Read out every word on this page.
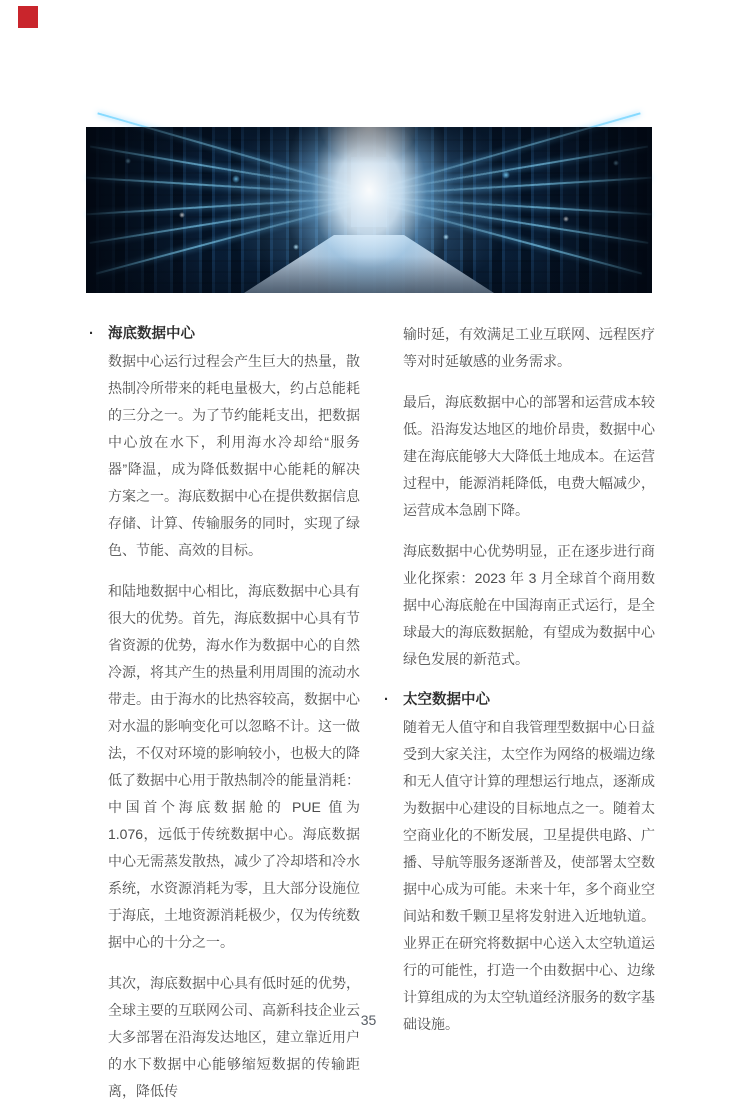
· 海底数据中心

数据中心运行过程会产生巨大的热量，散热制冷所带来的耗电量极大，约占总能耗的三分之一。为了节约能耗支出，把数据中心放在水下，利用海水冷却给“服务器”降温，成为降低数据中心能耗的解决方案之一。海底数据中心在提供数据信息存储、计算、传输服务的同时，实现了绿色、节能、高效的目标。

和陆地数据中心相比，海底数据中心具有很大的优势。首先，海底数据中心具有节省资源的优势，海水作为数据中心的自然冷源，将其产生的热量利用周围的流动水带走。由于海水的比热容较高，数据中心对水温的影响变化可以忽略不计。这一做法，不仅对环境的影响较小，也极大的降低了数据中心用于散热制冷的能量消耗：中国首个海底数据舱的 PUE 值为 1.076，远低于传统数据中心。海底数据中心无需蒸发散热，减少了冷却塔和冷水系统，水资源消耗为零，且大部分设施位于海底，土地资源消耗极少，仅为传统数据中心的十分之一。

其次，海底数据中心具有低时延的优势，全球主要的互联网公司、高新科技企业云大多部署在沿海发达地区，建立靠近用户的水下数据中心能够缩短数据的传输距离，降低传

输时延，有效满足工业互联网、远程医疗等对时延敏感的业务需求。

最后，海底数据中心的部署和运营成本较低。沿海发达地区的地价昂贵，数据中心建在海底能够大大降低土地成本。在运营过程中，能源消耗降低，电费大幅减少，运营成本急剧下降。

海底数据中心优势明显，正在逐步进行商业化探索：2023 年 3 月全球首个商用数据中心海底舱在中国海南正式运行，是全球最大的海底数据舱，有望成为数据中心绿色发展的新范式。

· 太空数据中心

随着无人值守和自我管理型数据中心日益受到大家关注，太空作为网络的极端边缘和无人值守计算的理想运行地点，逐渐成为数据中心建设的目标地点之一。随着太空商业化的不断发展，卫星提供电路、广播、导航等服务逐渐普及，使部署太空数据中心成为可能。未来十年，多个商业空间站和数千颗卫星将发射进入近地轨道。业界正在研究将数据中心送入太空轨道运行的可能性，打造一个由数据中心、边缘计算组成的为太空轨道经济服务的数字基础设施。

35
